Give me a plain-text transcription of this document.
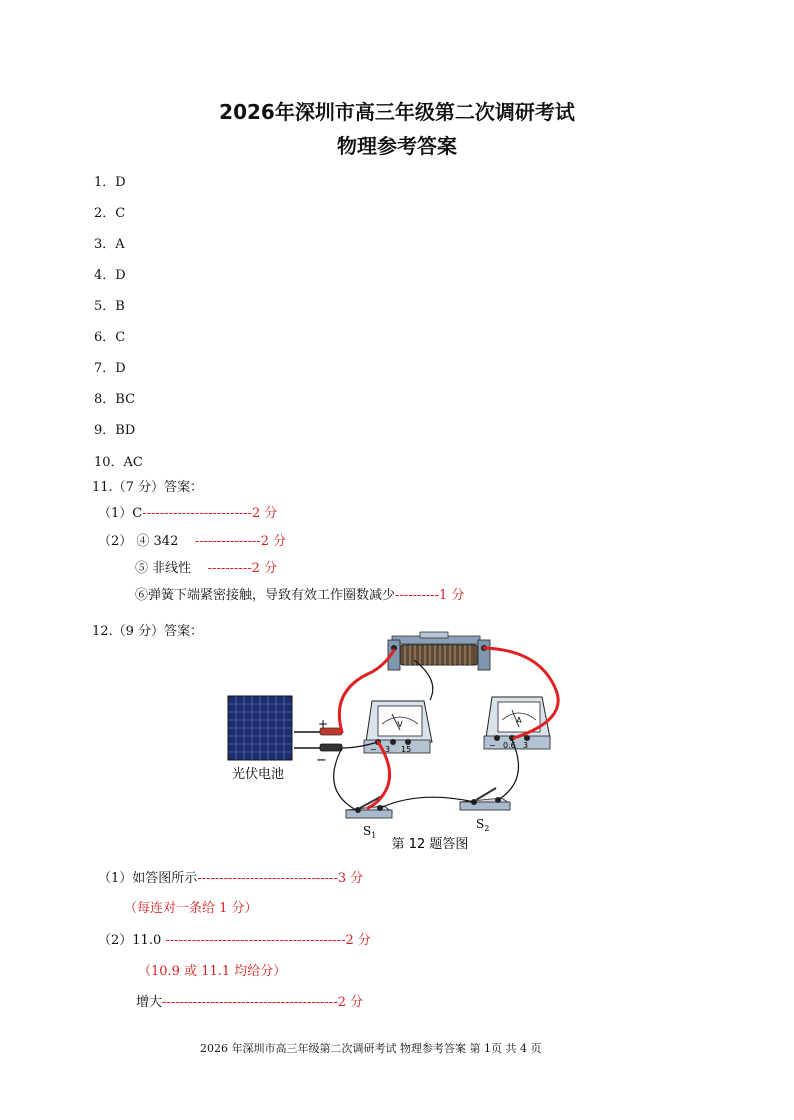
2026年深圳市高三年级第二次调研考试
物理参考答案
1．D
2．C
3．A
4．D
5．B
6．C
7．D
8．BC
9．BD
10．AC
11.（7 分）答案：
（1）C-------------------------2 分
（2） ④ 342 ---------------2 分
⑤ 非线性 ----------2 分
⑥弹簧下端紧密接触，导致有效工作圈数减少----------1 分
12.（9 分）答案：
光伏电池
+
−
V
− 3 15
A
− 0.6 3
$S_1$
$S_2$
第 12 题答图
（1）如答图所示--------------------------------3 分
（每连对一条给 1 分）
（2）11.0 -----------------------------------------2 分
（10.9 或 11.1 均给分）
增大----------------------------------------2 分
2026 年深圳市高三年级第二次调研考试 物理参考答案 第 1页 共 4 页
